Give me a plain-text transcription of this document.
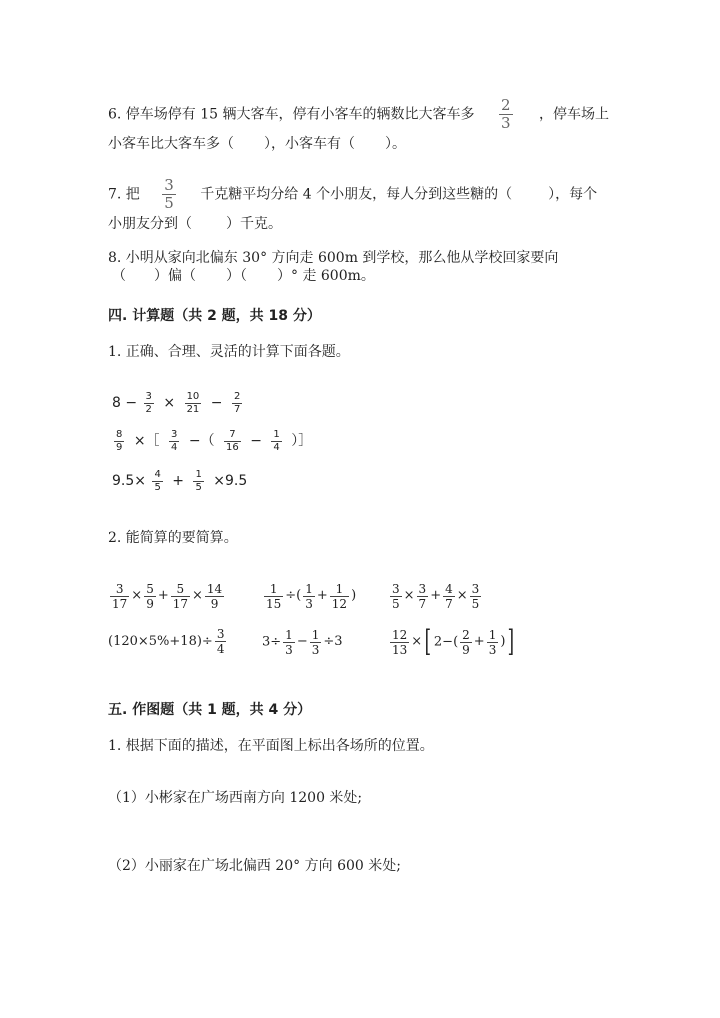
6. 停车场停有 15 辆大客车，停有小客车的辆数比大客车多 $\frac{2}{3}$ ，停车场上
小客车比大客车多（ ），小客车有（ ）。
7. 把 $\frac{3}{5}$ 千克糖平均分给 4 个小朋友，每人分到这些糖的（	），每个
小朋友分到（ ）千克。
8. 小明从家向北偏东 30° 方向走 600m 到学校，那么他从学校回家要向
（ ）偏（ ）（ ）° 走 600m。
四. 计算题（共 2 题，共 18 分）
1. 正确、合理、灵活的计算下面各题。
$8 - \frac{3}{2} \times \frac{10}{21} - \frac{2}{7}$
$\frac{8}{9}$ ×［ $\frac{3}{4}$ −（ $\frac{7}{16} - \frac{1}{4}$ ）］
$9.5\times \frac{4}{5} + \frac{1}{5} \times 9.5$
2. 能简算的要简算。
$\frac{3}{17} \times \frac{5}{9} + \frac{5}{17} \times \frac{14}{9}$	$\frac{1}{15}$ ÷( $\frac{1}{3} + \frac{1}{12}$ )	$\frac{3}{5} \times \frac{3}{7} + \frac{4}{7} \times \frac{3}{5}$
$(120\times 5\%+18)\div \frac{3}{4}$	$3\div \frac{1}{3} - \frac{1}{3} \div 3$	$\frac{12}{13}$ ×[ $2-( \frac{2}{9} + \frac{1}{3}$ )]
五. 作图题（共 1 题，共 4 分）
1. 根据下面的描述，在平面图上标出各场所的位置。
（1）小彬家在广场西南方向 1200 米处;
（2）小丽家在广场北偏西 20° 方向 600 米处;
